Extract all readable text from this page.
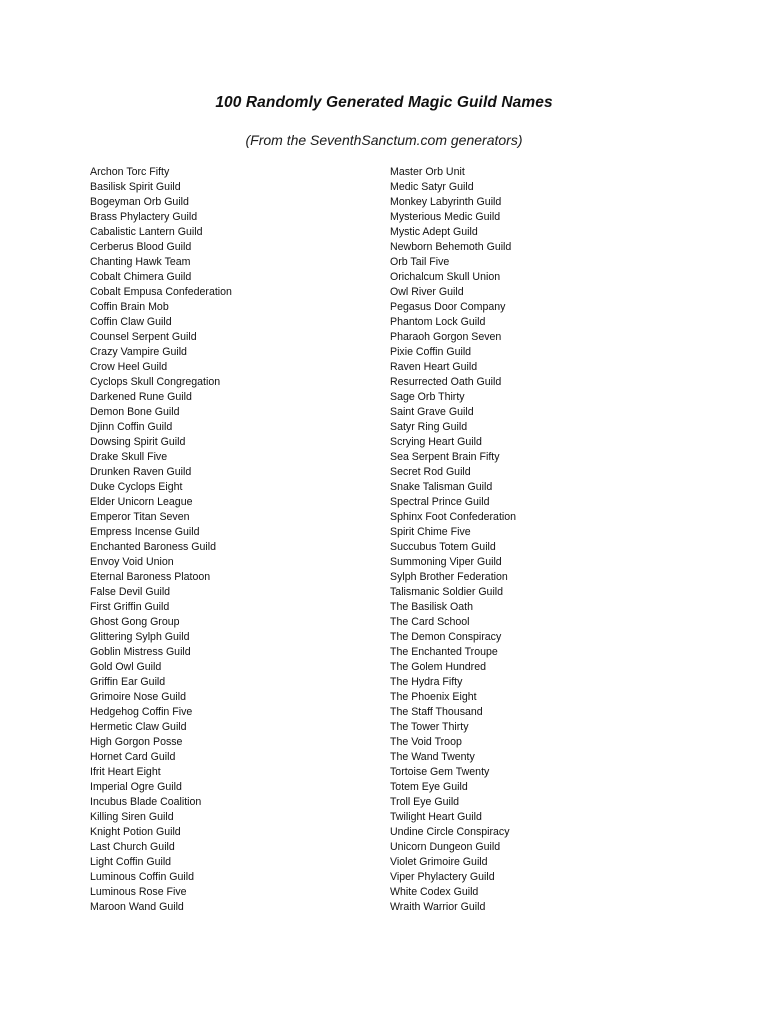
100 Randomly Generated Magic Guild Names
(From the SeventhSanctum.com generators)
Archon Torc Fifty
Basilisk Spirit Guild
Bogeyman Orb Guild
Brass Phylactery Guild
Cabalistic Lantern Guild
Cerberus Blood Guild
Chanting Hawk Team
Cobalt Chimera Guild
Cobalt Empusa Confederation
Coffin Brain Mob
Coffin Claw Guild
Counsel Serpent Guild
Crazy Vampire Guild
Crow Heel Guild
Cyclops Skull Congregation
Darkened Rune Guild
Demon Bone Guild
Djinn Coffin Guild
Dowsing Spirit Guild
Drake Skull Five
Drunken Raven Guild
Duke Cyclops Eight
Elder Unicorn League
Emperor Titan Seven
Empress Incense Guild
Enchanted Baroness Guild
Envoy Void Union
Eternal Baroness Platoon
False Devil Guild
First Griffin Guild
Ghost Gong Group
Glittering Sylph Guild
Goblin Mistress Guild
Gold Owl Guild
Griffin Ear Guild
Grimoire Nose Guild
Hedgehog Coffin Five
Hermetic Claw Guild
High Gorgon Posse
Hornet Card Guild
Ifrit Heart Eight
Imperial Ogre Guild
Incubus Blade Coalition
Killing Siren Guild
Knight Potion Guild
Last Church Guild
Light Coffin Guild
Luminous Coffin Guild
Luminous Rose Five
Maroon Wand Guild
Master Orb Unit
Medic Satyr Guild
Monkey Labyrinth Guild
Mysterious Medic Guild
Mystic Adept Guild
Newborn Behemoth Guild
Orb Tail Five
Orichalcum Skull Union
Owl River Guild
Pegasus Door Company
Phantom Lock Guild
Pharaoh Gorgon Seven
Pixie Coffin Guild
Raven Heart Guild
Resurrected Oath Guild
Sage Orb Thirty
Saint Grave Guild
Satyr Ring Guild
Scrying Heart Guild
Sea Serpent Brain Fifty
Secret Rod Guild
Snake Talisman Guild
Spectral Prince Guild
Sphinx Foot Confederation
Spirit Chime Five
Succubus Totem Guild
Summoning Viper Guild
Sylph Brother Federation
Talismanic Soldier Guild
The Basilisk Oath
The Card School
The Demon Conspiracy
The Enchanted Troupe
The Golem Hundred
The Hydra Fifty
The Phoenix Eight
The Staff Thousand
The Tower Thirty
The Void Troop
The Wand Twenty
Tortoise Gem Twenty
Totem Eye Guild
Troll Eye Guild
Twilight Heart Guild
Undine Circle Conspiracy
Unicorn Dungeon Guild
Violet Grimoire Guild
Viper Phylactery Guild
White Codex Guild
Wraith Warrior Guild
